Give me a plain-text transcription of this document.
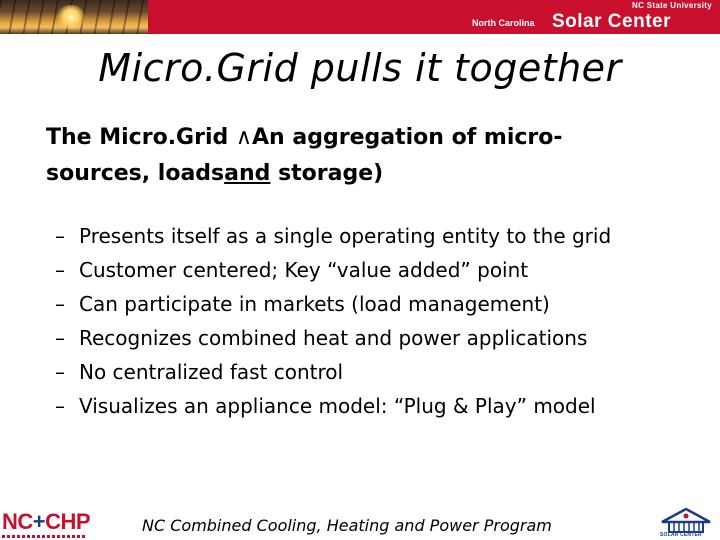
NC State University
North Carolina Solar Center
Micro.Grid pulls it together
The Micro.Grid ∧An aggregation of micro-
sources, loadsand storage)
– Presents itself as a single operating entity to the grid
– Customer centered; Key “value added” point
– Can participate in markets (load management)
– Recognizes combined heat and power applications
– No centralized fast control
– Visualizes an appliance model: “Plug & Play” model
NC+CHP	NC Combined Cooling, Heating and Power Program	SOLAR CENTER
